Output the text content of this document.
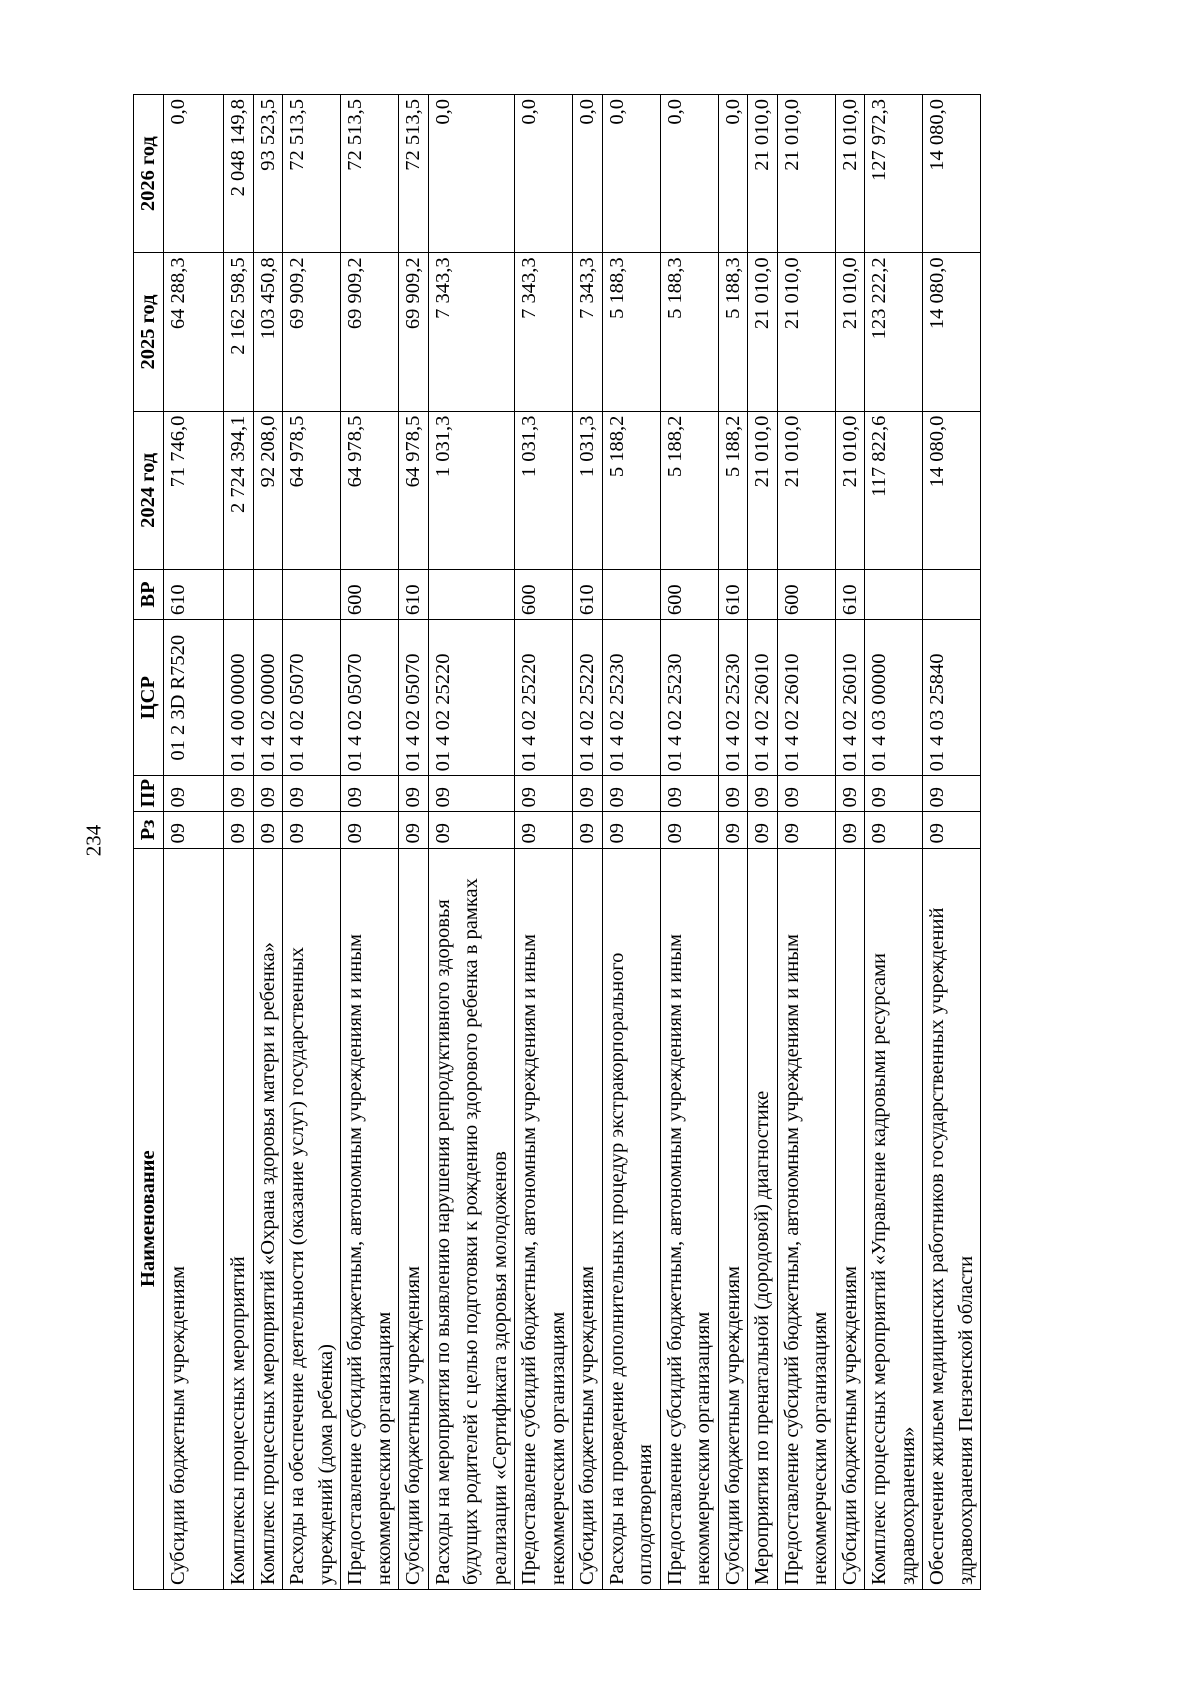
234
Наименование	Рз	ПР	ЦСР	ВР	2024 год	2025 год	2026 год
Субсидии бюджетным учреждениям	09	09	01 2 3D R7520	610	71 746,0	64 288,3	0,0
Комплексы процессных мероприятий	09	09	01 4 00 00000		2 724 394,1	2 162 598,5	2 048 149,8
Комплекс процессных мероприятий «Охрана здоровья матери и ребенка»	09	09	01 4 02 00000		92 208,0	103 450,8	93 523,5
Расходы на обеспечение деятельности (оказание услуг) государственных учреждений (дома ребенка)	09	09	01 4 02 05070		64 978,5	69 909,2	72 513,5
Предоставление субсидий бюджетным, автономным учреждениям и иным некоммерческим организациям	09	09	01 4 02 05070	600	64 978,5	69 909,2	72 513,5
Субсидии бюджетным учреждениям	09	09	01 4 02 05070	610	64 978,5	69 909,2	72 513,5
Расходы на мероприятия по выявлению нарушения репродуктивного здоровья будущих родителей с целью подготовки к рождению здорового ребенка в рамках реализации «Сертификата здоровья молодоженов	09	09	01 4 02 25220		1 031,3	7 343,3	0,0
Предоставление субсидий бюджетным, автономным учреждениям и иным некоммерческим организациям	09	09	01 4 02 25220	600	1 031,3	7 343,3	0,0
Субсидии бюджетным учреждениям	09	09	01 4 02 25220	610	1 031,3	7 343,3	0,0
Расходы на проведение дополнительных процедур экстракорпорального оплодотворения	09	09	01 4 02 25230		5 188,2	5 188,3	0,0
Предоставление субсидий бюджетным, автономным учреждениям и иным некоммерческим организациям	09	09	01 4 02 25230	600	5 188,2	5 188,3	0,0
Субсидии бюджетным учреждениям	09	09	01 4 02 25230	610	5 188,2	5 188,3	0,0
Мероприятия по пренатальной (дородовой) диагностике	09	09	01 4 02 26010		21 010,0	21 010,0	21 010,0
Предоставление субсидий бюджетным, автономным учреждениям и иным некоммерческим организациям	09	09	01 4 02 26010	600	21 010,0	21 010,0	21 010,0
Субсидии бюджетным учреждениям	09	09	01 4 02 26010	610	21 010,0	21 010,0	21 010,0
Комплекс процессных мероприятий «Управление кадровыми ресурсами здравоохранения»	09	09	01 4 03 00000		117 822,6	123 222,2	127 972,3
Обеспечение жильем медицинских работников государственных учреждений здравоохранения Пензенской области	09	09	01 4 03 25840		14 080,0	14 080,0	14 080,0
